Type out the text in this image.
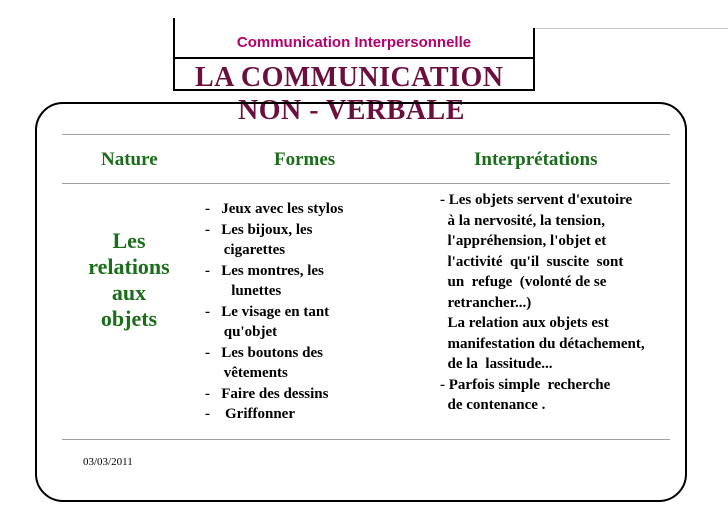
Communication Interpersonnelle
LA COMMUNICATION
NON - VERBALE
Nature	Formes	Interprétations
Les
relations
aux
objets
-   Jeux avec les stylos
-   Les bijoux, les
cigarettes
-   Les montres, les
lunettes
-   Le visage en tant
qu'objet
-   Les boutons des
vêtements
-   Faire des dessins
-    Griffonner
- Les objets servent d'exutoire
à la nervosité, la tension,
l'appréhension, l'objet et
l'activité  qu'il  suscite  sont
un  refuge  (volonté de se
retrancher...)
La relation aux objets est
manifestation du détachement,
de la  lassitude...
- Parfois simple  recherche
de contenance .
03/03/2011
